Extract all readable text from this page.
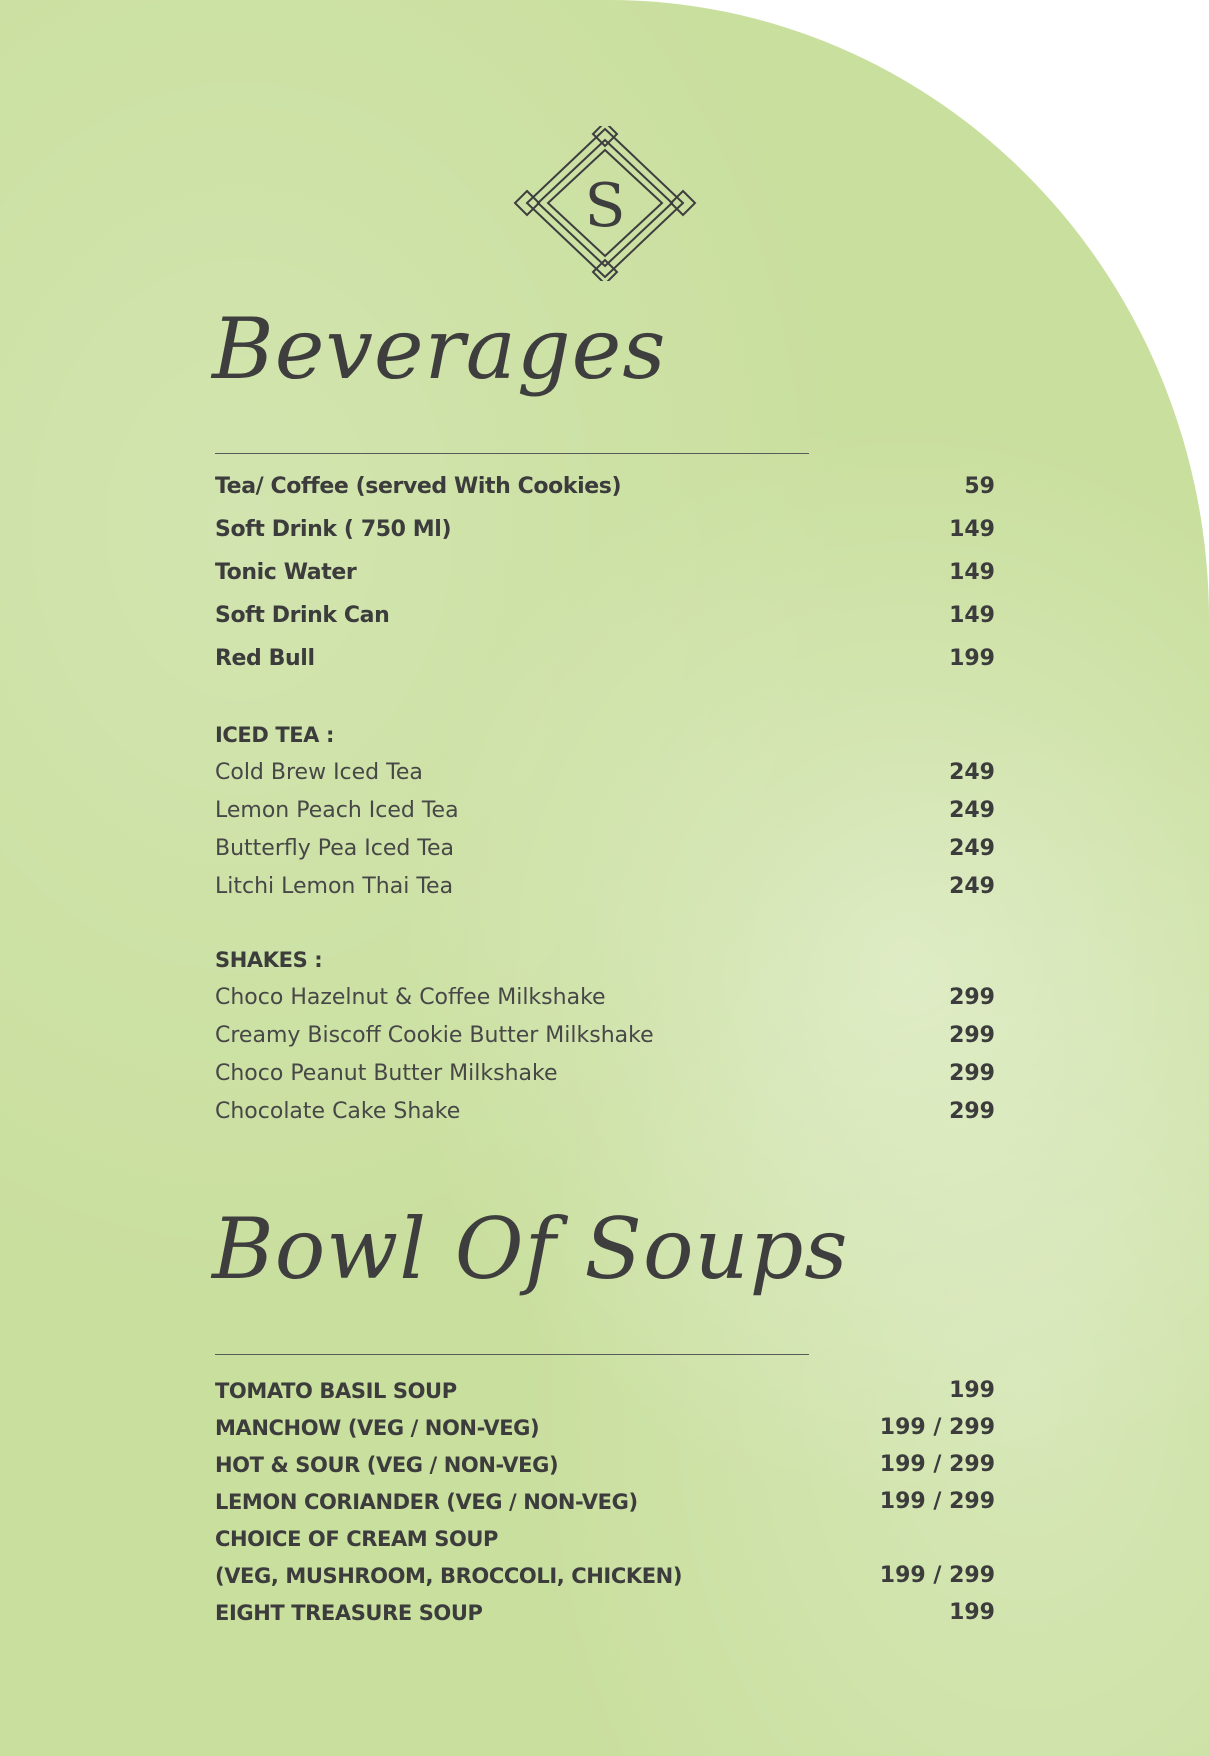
S
Beverages
Tea/ Coffee (served With Cookies)	59
Soft Drink ( 750 Ml)	149
Tonic Water	149
Soft Drink Can	149
Red Bull	199
ICED TEA :
Cold Brew Iced Tea	249
Lemon Peach Iced Tea	249
Butterfly Pea Iced Tea	249
Litchi Lemon Thai Tea	249
SHAKES :
Choco Hazelnut & Coffee Milkshake	299
Creamy Biscoff Cookie Butter Milkshake	299
Choco Peanut Butter Milkshake	299
Chocolate Cake Shake	299
Bowl Of Soups
TOMATO BASIL SOUP	199
MANCHOW (VEG / NON-VEG)	199 / 299
HOT & SOUR (VEG / NON-VEG)	199 / 299
LEMON CORIANDER (VEG / NON-VEG)	199 / 299
CHOICE OF CREAM SOUP
(VEG, MUSHROOM, BROCCOLI, CHICKEN)	199 / 299
EIGHT TREASURE SOUP	199
